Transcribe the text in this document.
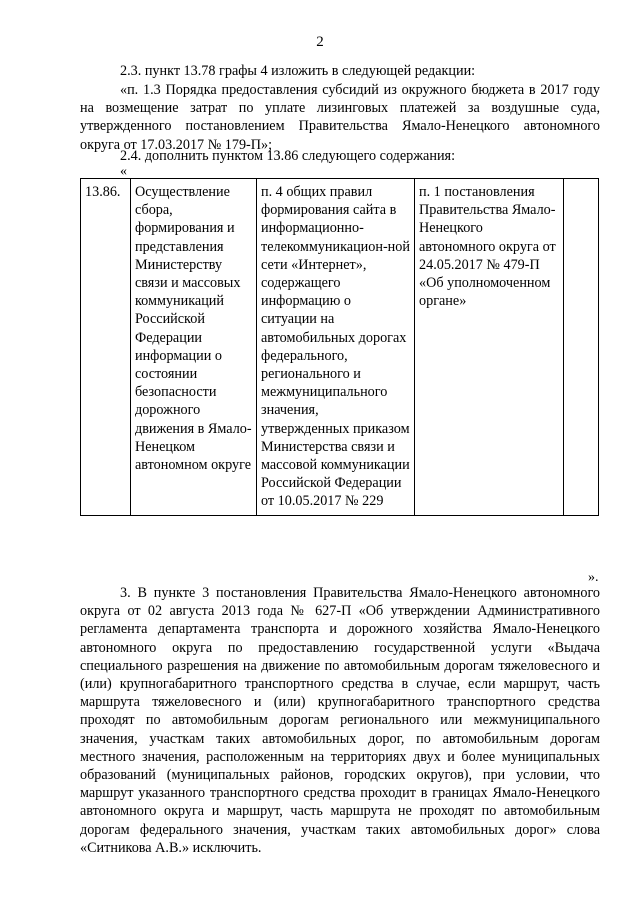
2

2.3. пункт 13.78 графы 4 изложить в следующей редакции:

«п. 1.3 Порядка предоставления субсидий из окружного бюджета в 2017 году на возмещение затрат по уплате лизинговых платежей за воздушные суда, утвержденного постановлением Правительства Ямало-Ненецкого автономного округа от 17.03.2017 № 179-П»;

2.4. дополнить пунктом 13.86 следующего содержания:

«
13.86.	Осуществление сбора, формирования и представления Министерству связи и массовых коммуникаций Российской Федерации информации о состоянии безопасности дорожного движения в Ямало-Ненецком автономном округе	п. 4 общих правил формирования сайта в информационно-телекоммуникацион-ной сети «Интернет», содержащего информацию о ситуации на автомобильных дорогах федерального, регионального и межмуниципального значения, утвержденных приказом Министерства связи и массовой коммуникации Российской Федерации от 10.05.2017 № 229	п. 1 постановления Правительства Ямало-Ненецкого автономного округа от 24.05.2017 № 479-П «Об уполномоченном органе»	
».

3. В пункте 3 постановления Правительства Ямало-Ненецкого автономного округа от 02 августа 2013 года № 627-П «Об утверждении Административного регламента департамента транспорта и дорожного хозяйства Ямало-Ненецкого автономного округа по предоставлению государственной услуги «Выдача специального разрешения на движение по автомобильным дорогам тяжеловесного и (или) крупногабаритного транспортного средства в случае, если маршрут, часть маршрута тяжеловесного и (или) крупногабаритного транспортного средства проходят по автомобильным дорогам регионального или межмуниципального значения, участкам таких автомобильных дорог, по автомобильным дорогам местного значения, расположенным на территориях двух и более муниципальных образований (муниципальных районов, городских округов), при условии, что маршрут указанного транспортного средства проходит в границах Ямало-Ненецкого автономного округа и маршрут, часть маршрута не проходят по автомобильным дорогам федерального значения, участкам таких автомобильных дорог» слова «Ситникова А.В.» исключить.
